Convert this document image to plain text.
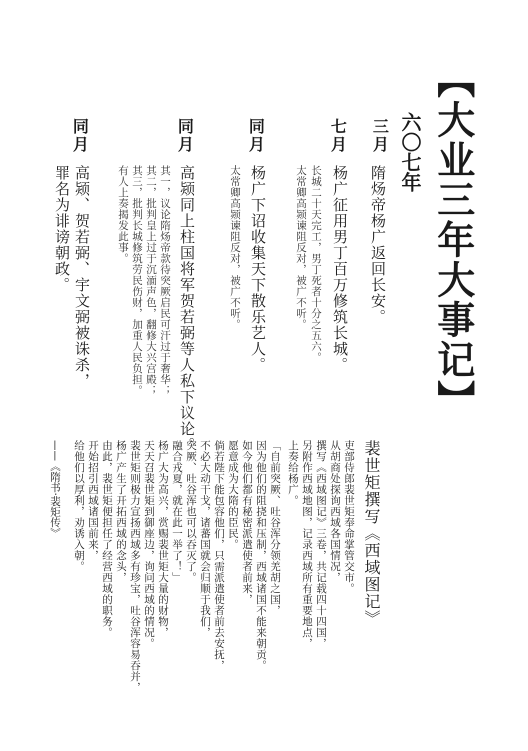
【大业三年大事记】
六〇七年
三月
隋炀帝杨广返回长安。
七月
杨广征用男丁百万修筑长城。
长城二十天完工，男丁死者十分之五六。
太常卿高颎谏阻反对，被广不听。
同月
杨广下诏收集天下散乐艺人。
太常卿高颎谏阻反对，被广不听。
同月
高颎同上柱国将军贺若弼等人私下议论。
其一，议论隋炀帝款待突厥启民可汗过于奢华；
其二，批判皇上过于沉湎声色，翻修大兴宫殿；
其三，批判长城修筑劳民伤财，加重人民负担。
有人上奏揭发此事。
同月
高颎、贺若弼、宇文弼被诛杀，
罪名为诽谤朝政。
裴世矩撰写《西域图记》
吏部侍郎裴世矩奉命掌管交市。
从胡商处探询西域各国情况，
撰写《西域图记》三卷，共记载四十四国，
另附作西域地图，记录西域所有重要地点，
上奏给杨广。
「自前突厥、吐谷浑分领羌胡之国，
因为他们的阻挠和压制，西域诸国不能来朝贡。
如今他们都有秘密派遣使者前来，
愿意成为大隋的臣民。
倘若陛下能包容他们，只需派遣使者前去安抚，
不必大动干戈，诸蕃国就会归顺于我们，
突厥、吐谷浑也可以吞灭了。
融合戎夏，就在此一举了！」
杨广大为高兴，赏赐裴世矩大量的财物，
天天召裴世矩到御座边，询问西域的情况。
裴世矩则极力宣扬西域多有珍宝，吐谷浑容易吞并，
杨广产生了开拓西域的念头，
由此，裴世矩便担任了经营西域的职务。
开始招引西域诸国前来，
给他们以厚利，劝诱入朝。
——《隋书·裴矩传》
